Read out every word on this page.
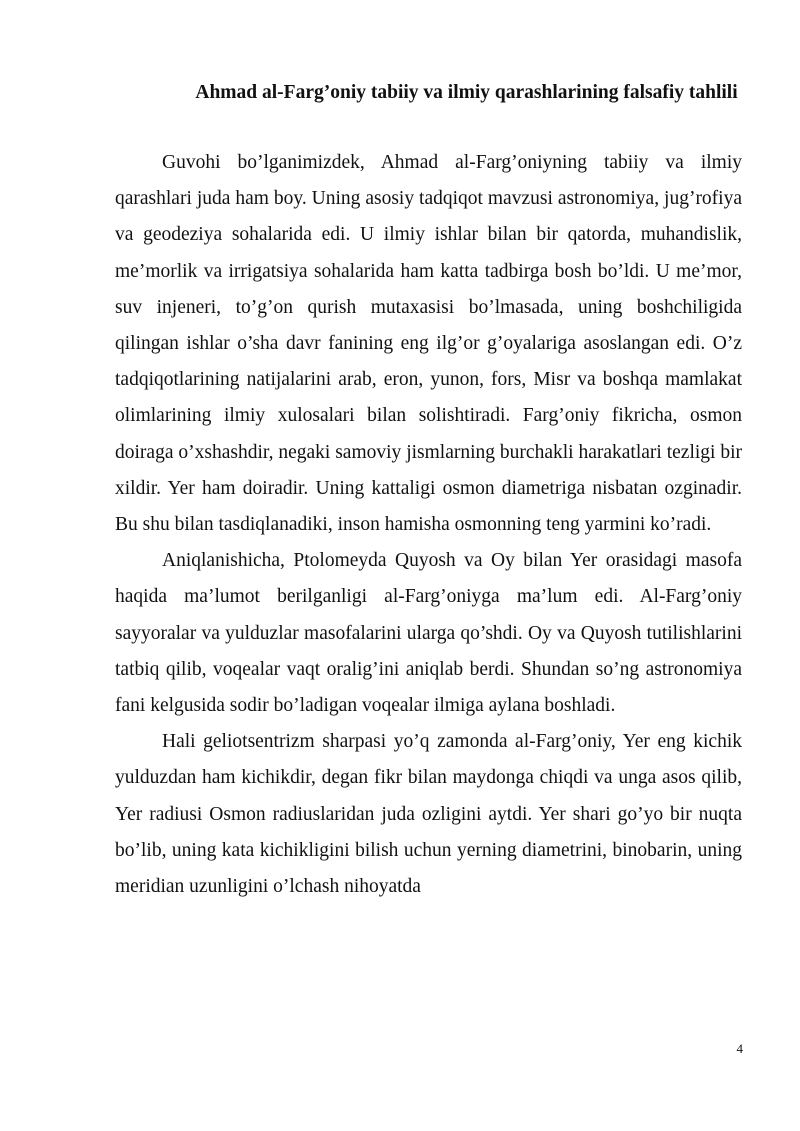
Ahmad al-Farg’oniy tabiiy va ilmiy qarashlarining falsafiy tahlili

Guvohi bo’lganimizdek, Ahmad al-Farg’oniyning tabiiy va ilmiy qarashlari juda ham boy. Uning asosiy tadqiqot mavzusi astronomiya, jug’rofiya va geodeziya sohalarida edi. U ilmiy ishlar bilan bir qatorda, muhandislik, me’morlik va irrigatsiya sohalarida ham katta tadbirga bosh bo’ldi. U me’mor, suv injeneri, to’g’on qurish mutaxasisi bo’lmasada, uning boshchiligida qilingan ishlar o’sha davr fanining eng ilg’or g’oyalariga asoslangan edi. O’z tadqiqotlarining natijalarini arab, eron, yunon, fors, Misr va boshqa mamlakat olimlarining ilmiy xulosalari bilan solishtiradi. Farg’oniy fikricha, osmon doiraga o’xshashdir, negaki samoviy jismlarning burchakli harakatlari tezligi bir xildir. Yer ham doiradir. Uning kattaligi osmon diametriga nisbatan ozginadir. Bu shu bilan tasdiqlanadiki, inson hamisha osmonning teng yarmini ko’radi.

Aniqlanishicha, Ptolomeyda Quyosh va Oy bilan Yer orasidagi masofa haqida ma’lumot berilganligi al-Farg’oniyga ma’lum edi. Al-Farg’oniy sayyoralar va yulduzlar masofalarini ularga qo’shdi. Oy va Quyosh tutilishlarini tatbiq qilib, voqealar vaqt oralig’ini aniqlab berdi. Shundan so’ng astronomiya fani kelgusida sodir bo’ladigan voqealar ilmiga aylana boshladi.

Hali geliotsentrizm sharpasi yo’q zamonda al-Farg’oniy, Yer eng kichik yulduzdan ham kichikdir, degan fikr bilan maydonga chiqdi va unga asos qilib, Yer radiusi Osmon radiuslaridan juda ozligini aytdi. Yer shari go’yo bir nuqta bo’lib, uning kata kichikligini bilish uchun yerning diametrini, binobarin, uning meridian uzunligini o’lchash nihoyatda

4
